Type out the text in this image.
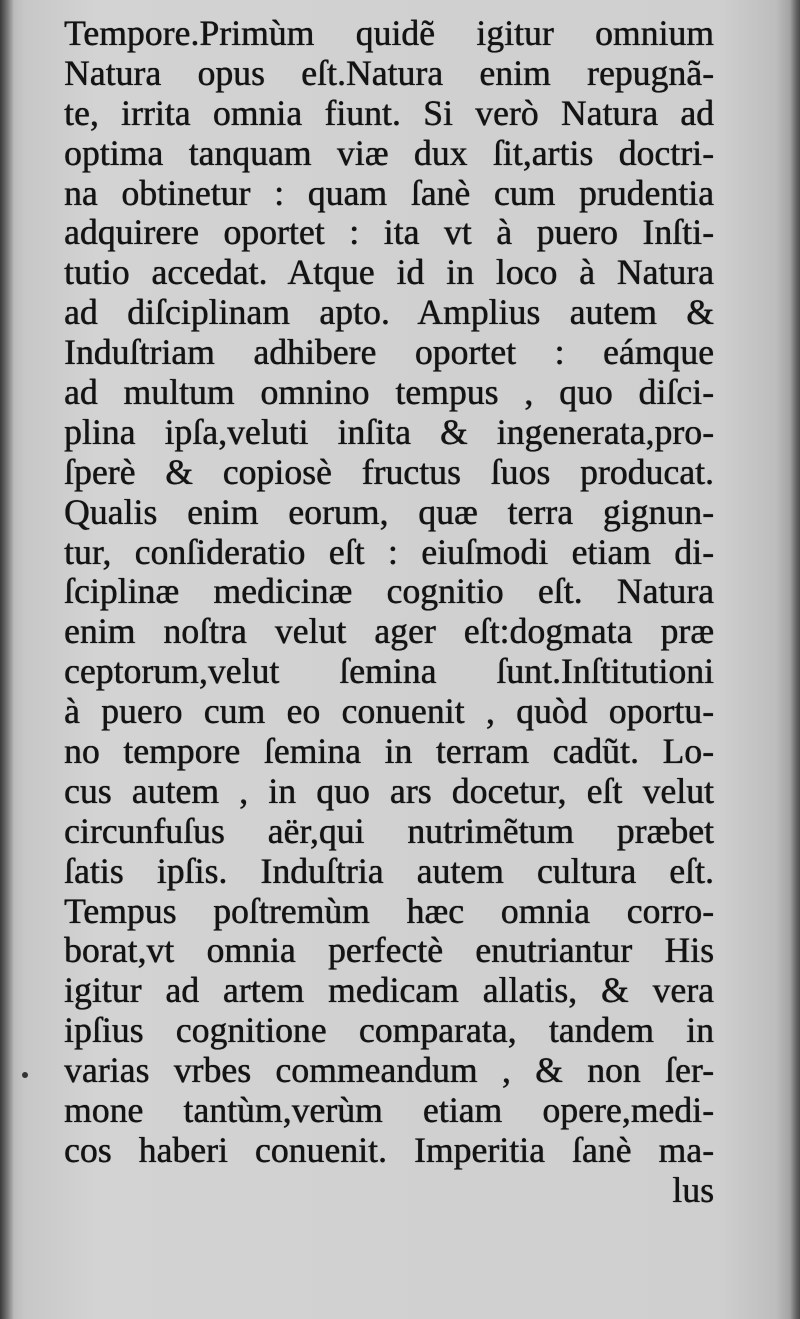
Tempore.Primùm quidẽ igitur omnium
Natura opus eſt.Natura enim repugnã-
te, irrita omnia fiunt. Si verò Natura ad
optima tanquam viæ dux ſit,artis doctri-
na obtinetur : quam ſanè cum prudentia
adquirere oportet : ita vt à puero Inſti-
tutio accedat. Atque id in loco à Natura
ad diſciplinam apto. Amplius autem &
Induſtriam adhibere oportet : eámque
ad multum omnino tempus , quo diſci-
plina ipſa,veluti inſita & ingenerata,pro-
ſperè & copiosè fructus ſuos producat.
Qualis enim eorum, quæ terra gignun-
tur, conſideratio eſt : eiuſmodi etiam di-
ſciplinæ medicinæ cognitio eſt. Natura
enim noſtra velut ager eſt:dogmata præ
ceptorum,velut ſemina ſunt.Inſtitutioni
à puero cum eo conuenit , quòd oportu-
no tempore ſemina in terram cadũt. Lo-
cus autem , in quo ars docetur, eſt velut
circunfuſus aër,qui nutrimẽtum præbet
ſatis ipſis. Induſtria autem cultura eſt.
Tempus poſtremùm hæc omnia corro-
borat,vt omnia perfectè enutriantur His
igitur ad artem medicam allatis, & vera
ipſius cognitione comparata, tandem in
varias vrbes commeandum , & non ſer-
mone tantùm,verùm etiam opere,medi-
cos haberi conuenit. Imperitia ſanè ma-
lus
